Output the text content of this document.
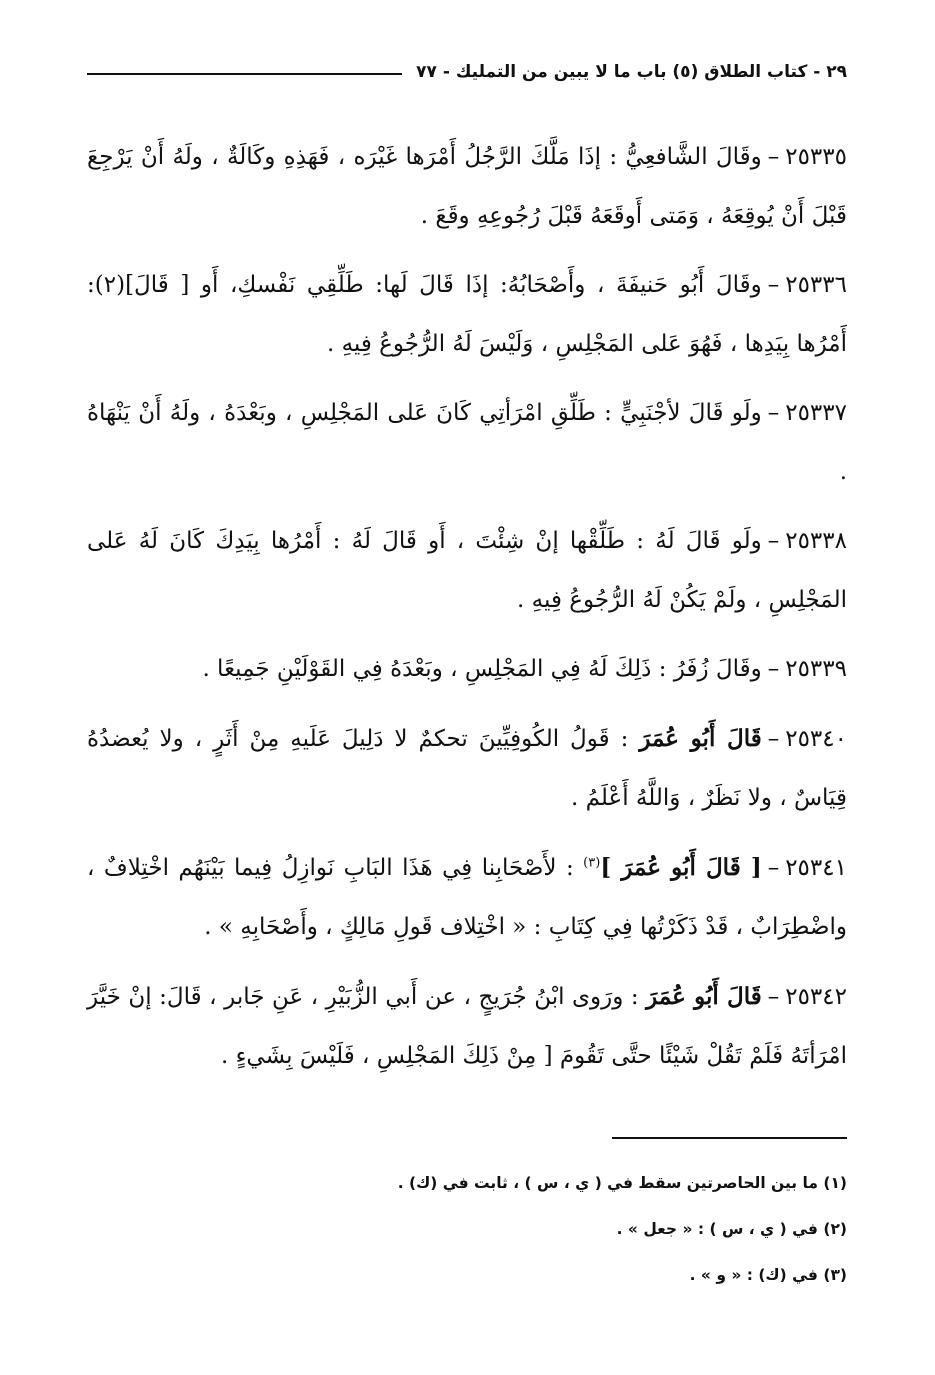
٢٩ - كتاب الطلاق (٥) باب ما لا يبين من التمليك - ٧٧

٢٥٣٣٥–وقَالَ الشَّافعِيُّ : إذَا مَلَّكَ الرَّجُلُ أَمْرَها غَيْرَه ، فَهَذِهِ وكَالَةٌ ، ولَهُ أَنْ يَرْجِعَ قَبْلَ أَنْ يُوقِعَهُ ، وَمَتى أَوقَعَهُ قَبْلَ رُجُوعِهِ وقَعَ .

٢٥٣٣٦–وقَالَ أَبُو حَنيفَةَ ، وأَصْحَابُهُ: إذَا قَالَ لَها: طَلِّقِي نَفْسكِ، أَو [ قَالَ](٢): أَمْرُها بِيَدِها ، فَهُوَ عَلى المَجْلِسِ ، وَلَيْسَ لَهُ الرُّجُوعُ فِيهِ .

٢٥٣٣٧–ولَو قَالَ لأجْنَبِيٍّ : طَلِّقِ امْرَأتِي كَانَ عَلى المَجْلِسِ ، وبَعْدَهُ ، ولَهُ أَنْ يَنْهَاهُ .

٢٥٣٣٨–ولَو قَالَ لَهُ : طَلِّقْها إنْ شِئْتَ ، أَو قَالَ لَهُ : أَمْرُها بِيَدِكَ كَانَ لَهُ عَلى المَجْلِسِ ، ولَمْ يَكُنْ لَهُ الرُّجُوعُ فِيهِ .

٢٥٣٣٩–وقَالَ زُفَرُ : ذَلِكَ لَهُ فِي المَجْلِسِ ، وبَعْدَهُ فِي القَوْلَيْنِ جَمِيعًا .

٢٥٣٤٠–قَالَ أَبُو عُمَرَ : قَولُ الكُوفِيِّينَ تحكمٌ لا دَلِيلَ عَلَيهِ مِنْ أَثَرٍ ، ولا يُعضدُهُ قِيَاسٌ ، ولا نَظَرٌ ، وَاللَّهُ أَعْلَمُ .

٢٥٣٤١–[ قَالَ أَبُو عُمَرَ ]$^{(٣)}$ : لأَصْحَابِنا فِي هَذَا البَابِ نَوازِلُ فِيما بَيْنَهُم اخْتِلافٌ ، واضْطِرَابٌ ، قَدْ ذَكَرْتُها فِي كِتَابِ : « اخْتِلاف قَولِ مَالِكٍ ، وأَصْحَابِهِ » .

٢٥٣٤٢–قَالَ أَبُو عُمَرَ : ورَوى ابْنُ جُرَيجٍ ، عن أَبي الزُّبَيْرِ ، عَنِ جَابر ، قَالَ: إنْ خَيَّرَ امْرَأتَهُ فَلَمْ تَقُلْ شَيْئًا حتَّى تَقُومَ [ مِنْ ذَلِكَ المَجْلِسِ ، فَلَيْسَ بِشَيءٍ .

(١) ما بين الحاصرتين سقط في ( ي ، س ) ، ثابت في (ك) .
(٢) في ( ي ، س ) : « جعل » .
(٣) في (ك) : « و » .
